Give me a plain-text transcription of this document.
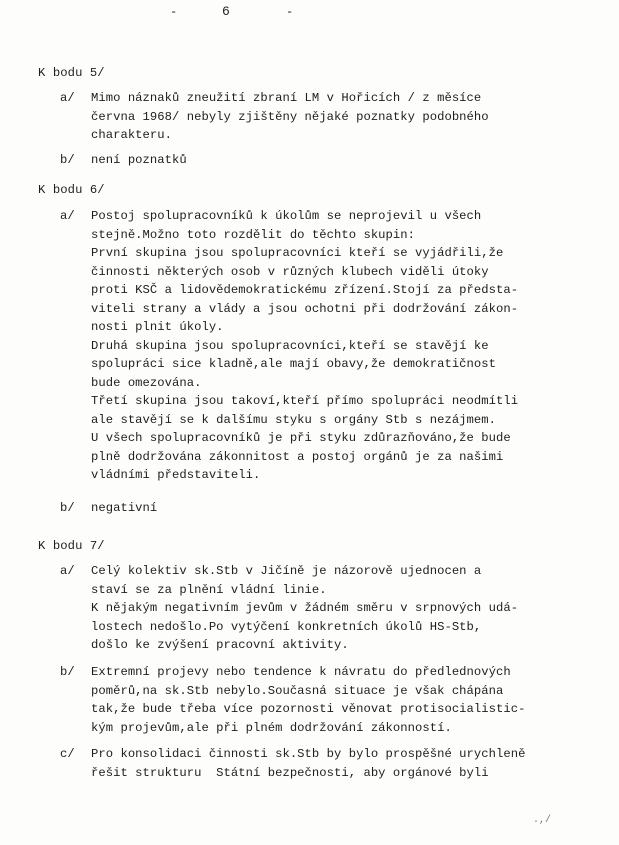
-	6	-
K bodu 5/
a/ Mimo náznaků zneužití zbraní LM v Hořicích / z měsíce
června 1968/ nebyly zjištěny nějaké poznatky podobného
charakteru.
b/ není poznatků
K bodu 6/
a/ Postoj spolupracovníků k úkolům se neprojevil u všech
stejně.Možno toto rozdělit do těchto skupin:
První skupina jsou spolupracovníci kteří se vyjádřili,že
činnosti některých osob v různých klubech viděli útoky
proti KSČ a lidovědemokratickému zřízení.Stojí za předsta-
viteli strany a vlády a jsou ochotni při dodržování zákon-
nosti plnit úkoly.
Druhá skupina jsou spolupracovníci,kteří se stavějí ke
spolupráci sice kladně,ale mají obavy,že demokratičnost
bude omezována.
Třetí skupina jsou takoví,kteří přímo spolupráci neodmítli
ale stavějí se k dalšímu styku s orgány Stb s nezájmem.
U všech spolupracovníků je při styku zdůrazňováno,že bude
plně dodržována zákonnitost a postoj orgánů je za našimi
vládními představiteli.
b/ negativní
K bodu 7/
a/ Celý kolektiv sk.Stb v Jičíně je názorově ujednocen a
staví se za plnění vládní linie.
K nějakým negativním jevům v žádném směru v srpnových udá-
lostech nedošlo.Po vytýčení konkretních úkolů HS-Stb,
došlo ke zvýšení pracovní aktivity.
b/ Extremní projevy nebo tendence k návratu do předlednových
poměrů,na sk.Stb nebylo.Současná situace je však chápána
tak,že bude třeba více pozornosti věnovat protisocialistic-
kým projevům,ale při plném dodržování zákonností.
c/ Pro konsolidaci činnosti sk.Stb by bylo prospěšné urychleně
řešit strukturu  Státní bezpečnosti, aby orgánové byli
.,/
